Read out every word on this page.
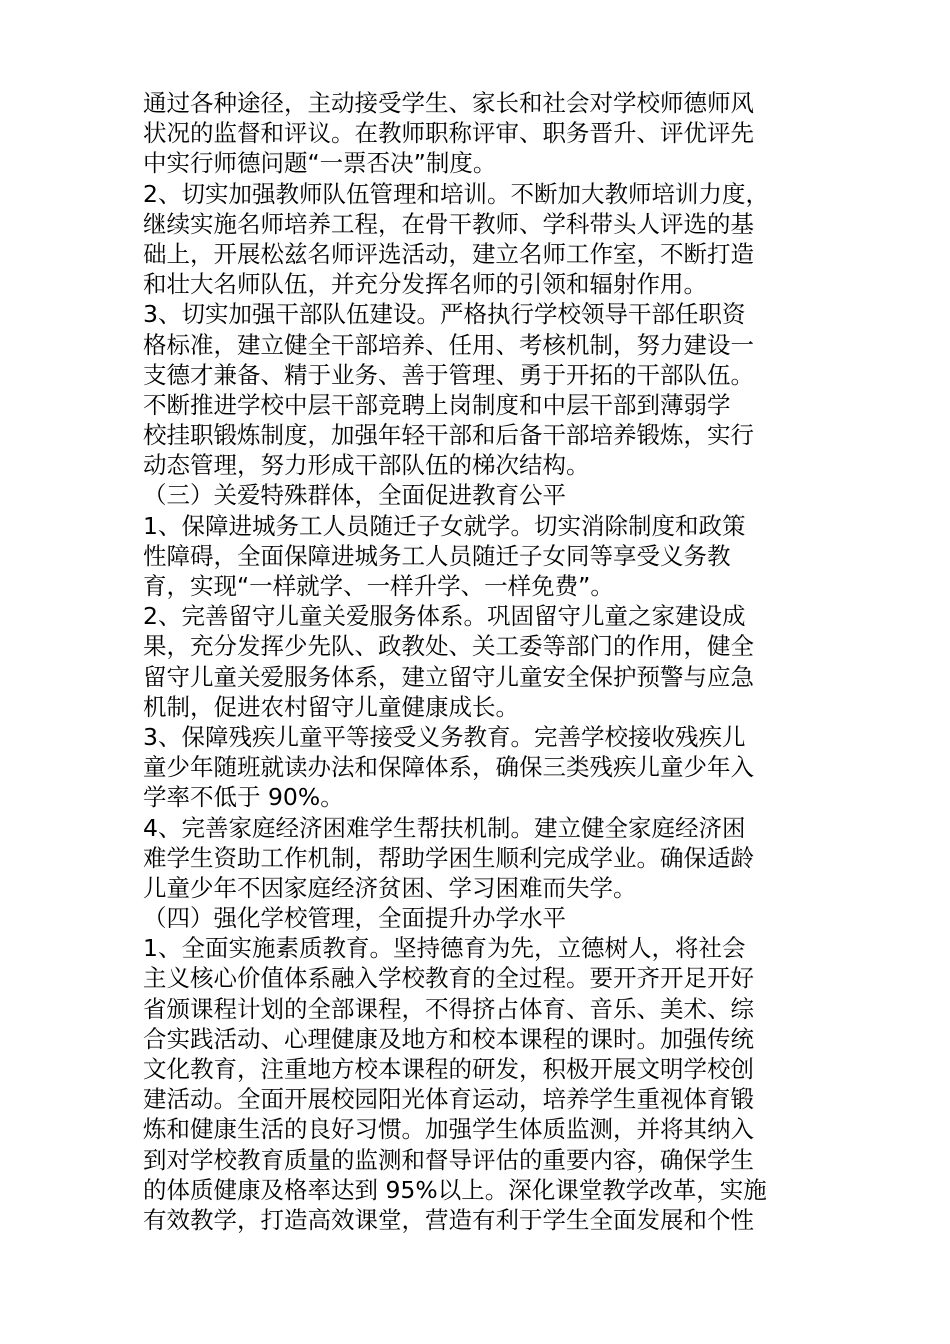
通过各种途径，主动接受学生、家长和社会对学校师德师风
状况的监督和评议。在教师职称评审、职务晋升、评优评先
中实行师德问题“一票否决”制度。
2、切实加强教师队伍管理和培训。不断加大教师培训力度，
继续实施名师培养工程，在骨干教师、学科带头人评选的基
础上，开展松兹名师评选活动，建立名师工作室，不断打造
和壮大名师队伍，并充分发挥名师的引领和辐射作用。
3、切实加强干部队伍建设。严格执行学校领导干部任职资
格标准，建立健全干部培养、任用、考核机制，努力建设一
支德才兼备、精于业务、善于管理、勇于开拓的干部队伍。
不断推进学校中层干部竞聘上岗制度和中层干部到薄弱学
校挂职锻炼制度，加强年轻干部和后备干部培养锻炼，实行
动态管理，努力形成干部队伍的梯次结构。
（三）关爱特殊群体，全面促进教育公平
1、保障进城务工人员随迁子女就学。切实消除制度和政策
性障碍，全面保障进城务工人员随迁子女同等享受义务教
育，实现“一样就学、一样升学、一样免费”。
2、完善留守儿童关爱服务体系。巩固留守儿童之家建设成
果，充分发挥少先队、政教处、关工委等部门的作用，健全
留守儿童关爱服务体系，建立留守儿童安全保护预警与应急
机制，促进农村留守儿童健康成长。
3、保障残疾儿童平等接受义务教育。完善学校接收残疾儿
童少年随班就读办法和保障体系，确保三类残疾儿童少年入
学率不低于 90%。
4、完善家庭经济困难学生帮扶机制。建立健全家庭经济困
难学生资助工作机制，帮助学困生顺利完成学业。确保适龄
儿童少年不因家庭经济贫困、学习困难而失学。
（四）强化学校管理，全面提升办学水平
1、全面实施素质教育。坚持德育为先，立德树人，将社会
主义核心价值体系融入学校教育的全过程。要开齐开足开好
省颁课程计划的全部课程，不得挤占体育、音乐、美术、综
合实践活动、心理健康及地方和校本课程的课时。加强传统
文化教育，注重地方校本课程的研发，积极开展文明学校创
建活动。全面开展校园阳光体育运动，培养学生重视体育锻
炼和健康生活的良好习惯。加强学生体质监测，并将其纳入
到对学校教育质量的监测和督导评估的重要内容，确保学生
的体质健康及格率达到 95%以上。深化课堂教学改革，实施
有效教学，打造高效课堂，营造有利于学生全面发展和个性
